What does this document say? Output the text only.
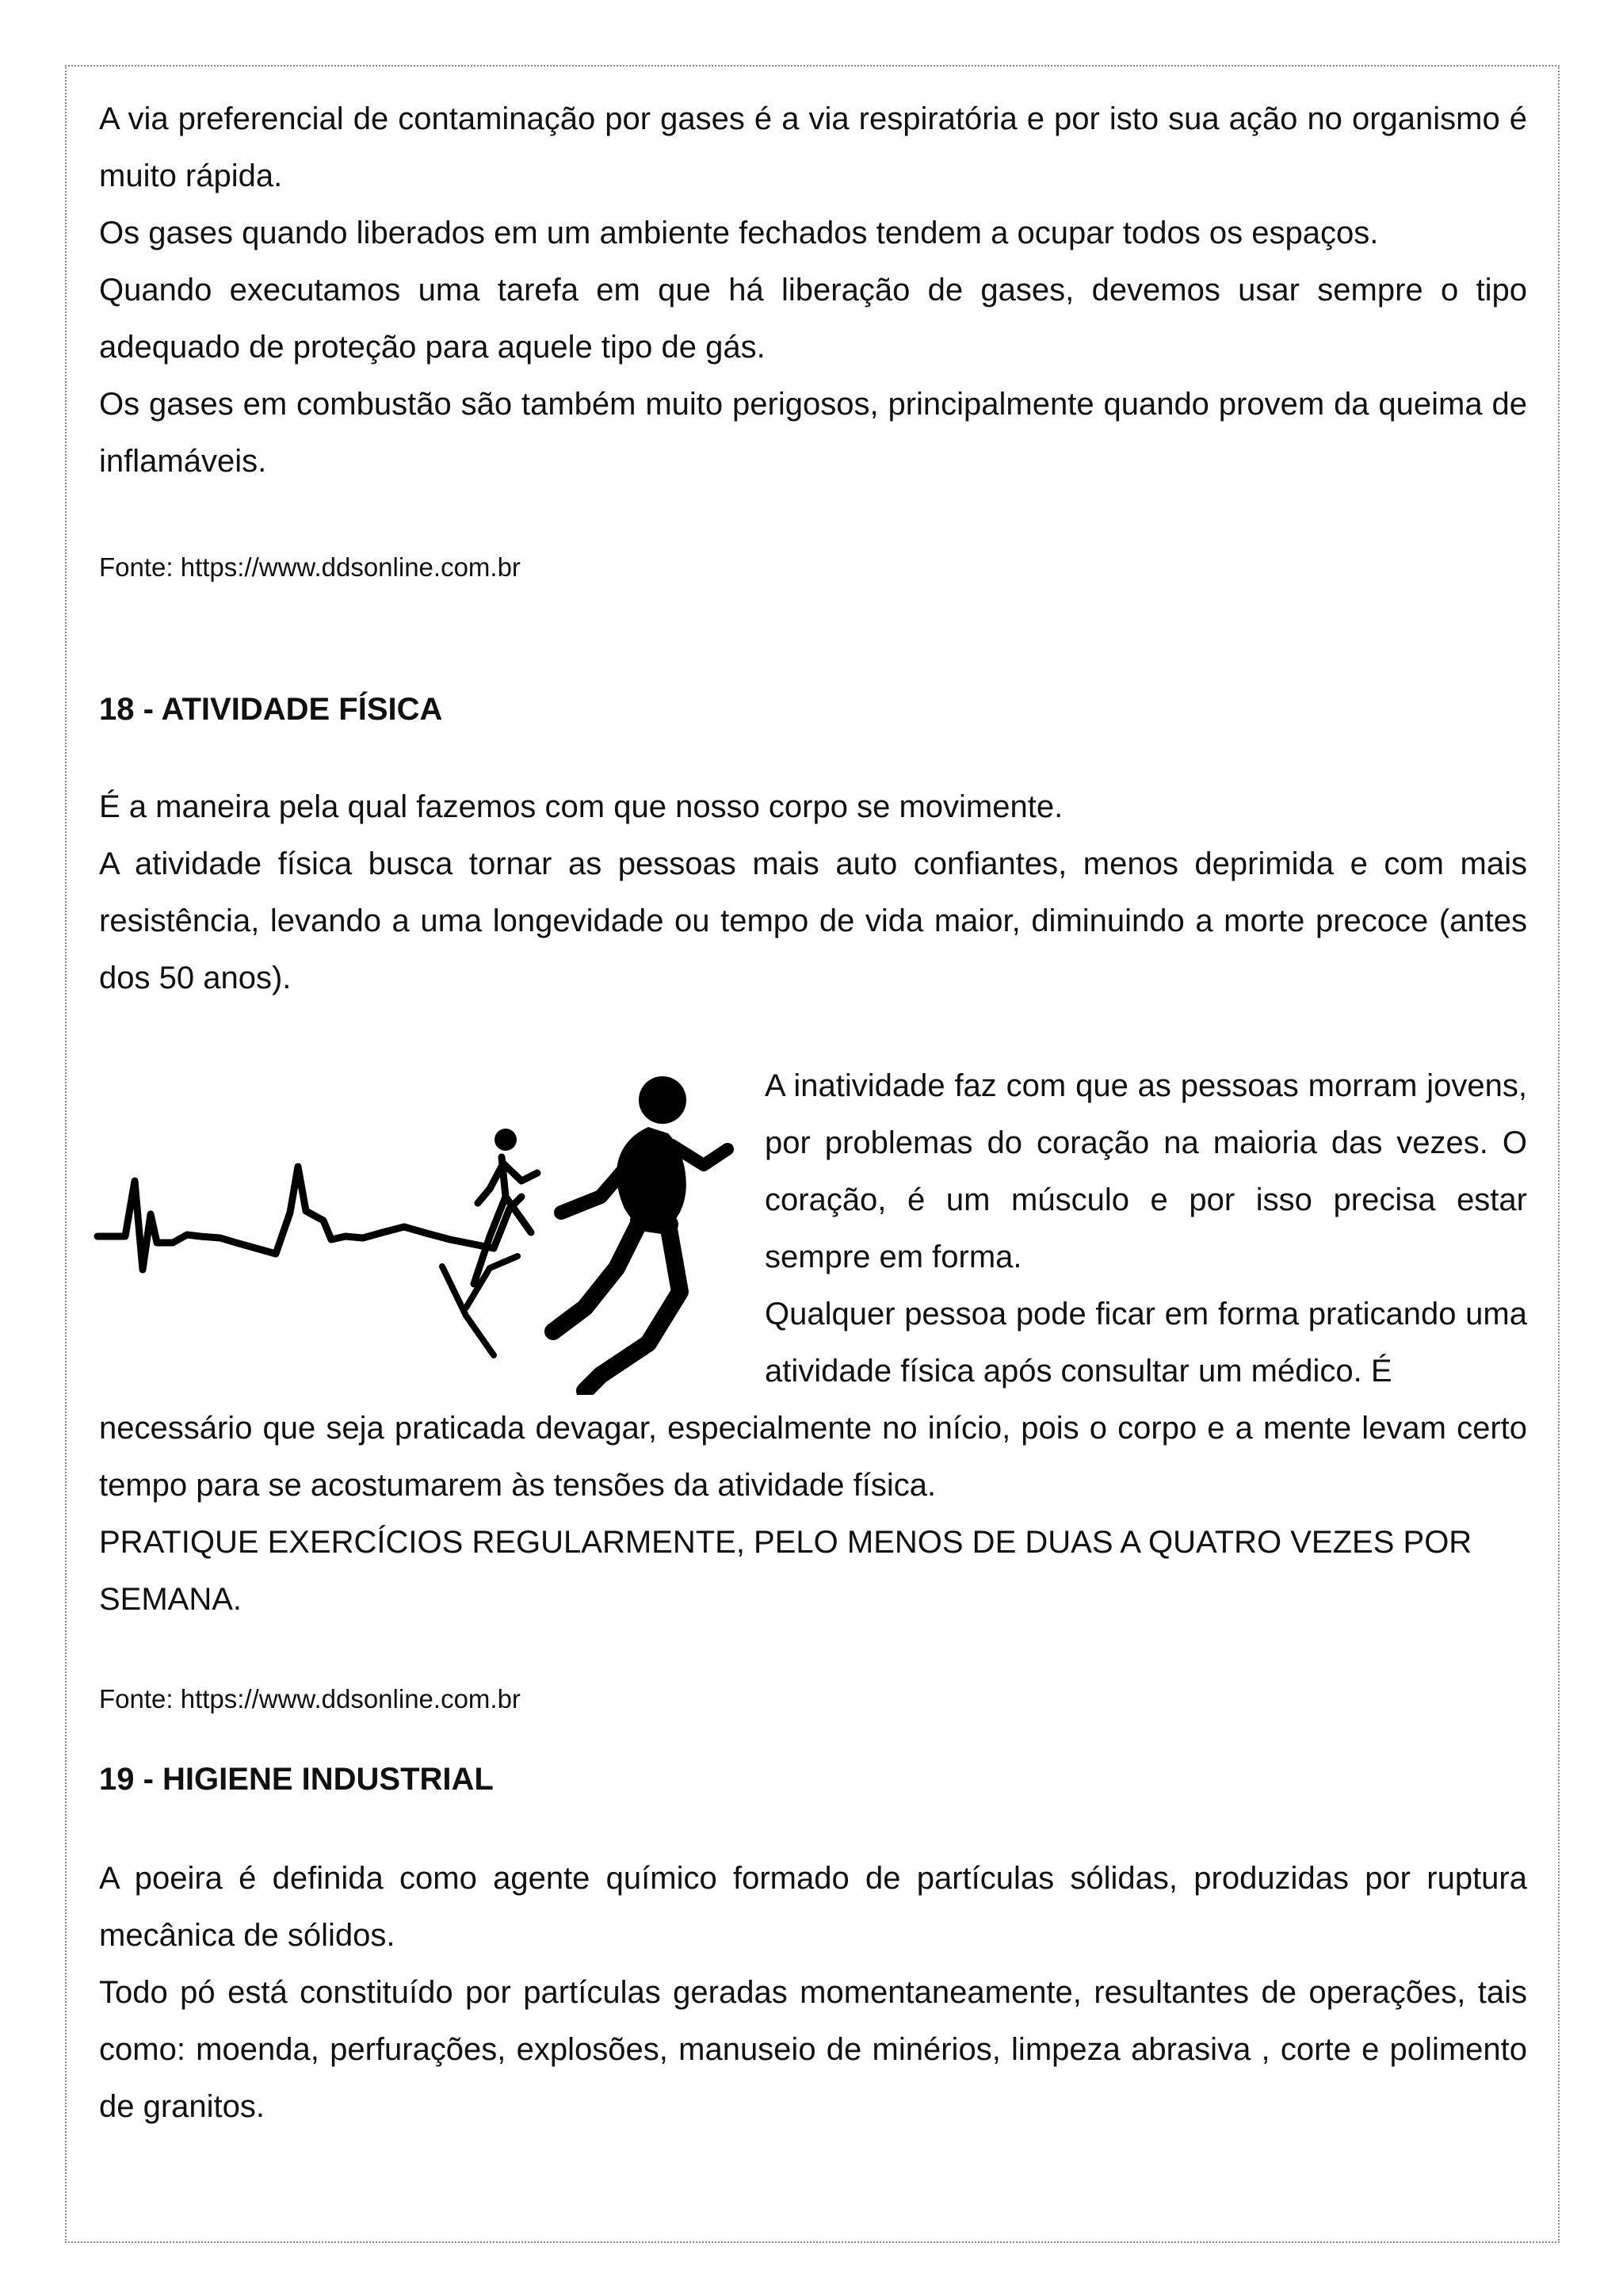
A via preferencial de contaminação por gases é a via respiratória e por isto sua ação no organismo é muito rápida.

Os gases quando liberados em um ambiente fechados tendem a ocupar todos os espaços.

Quando executamos uma tarefa em que há liberação de gases, devemos usar sempre o tipo adequado de proteção para aquele tipo de gás.

Os gases em combustão são também muito perigosos, principalmente quando provem da queima de inflamáveis.

Fonte: https://www.ddsonline.com.br

18 - ATIVIDADE FÍSICA

É a maneira pela qual fazemos com que nosso corpo se movimente.

A atividade física busca tornar as pessoas mais auto confiantes, menos deprimida e com mais resistência, levando a uma longevidade ou tempo de vida maior, diminuindo a morte precoce (antes dos 50 anos).

A inatividade faz com que as pessoas morram jovens, por problemas do coração na maioria das vezes. O coração, é um músculo e por isso precisa estar sempre em forma.

Qualquer pessoa pode ficar em forma praticando uma atividade física após consultar um médico. É

necessário que seja praticada devagar, especialmente no início, pois o corpo e a mente levam certo tempo para se acostumarem às tensões da atividade física.

PRATIQUE EXERCÍCIOS REGULARMENTE, PELO MENOS DE DUAS A QUATRO VEZES POR SEMANA.

Fonte: https://www.ddsonline.com.br

19 - HIGIENE INDUSTRIAL

A poeira é definida como agente químico formado de partículas sólidas, produzidas por ruptura mecânica de sólidos.

Todo pó está constituído por partículas geradas momentaneamente, resultantes de operações, tais como: moenda, perfurações, explosões, manuseio de minérios, limpeza abrasiva , corte e polimento de granitos.
